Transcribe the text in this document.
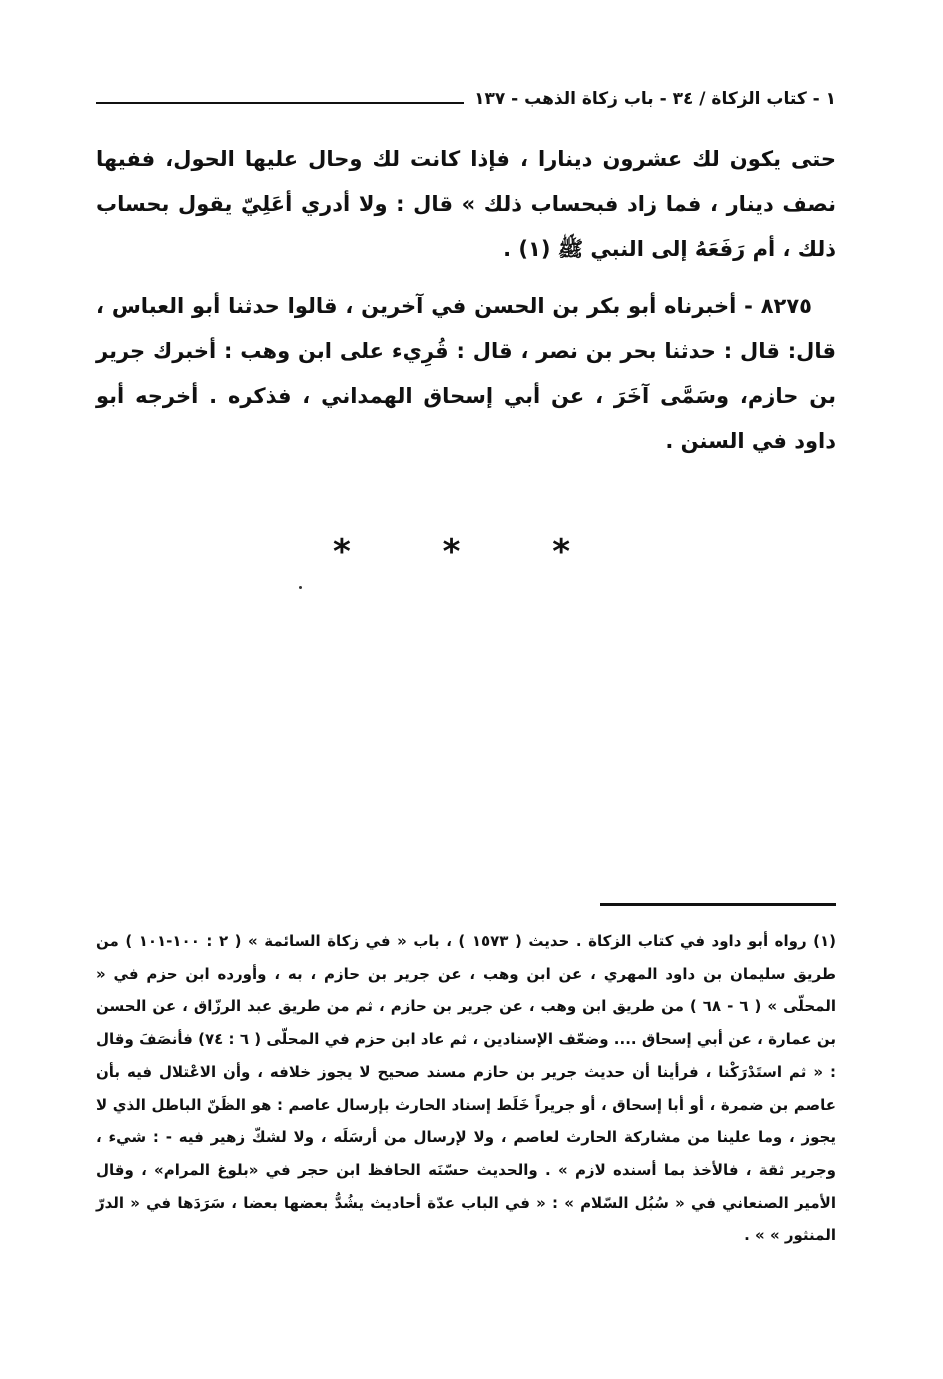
١ - كتاب الزكاة / ٣٤ - باب زكاة الذهب - ١٣٧

حتى يكون لك عشرون دينارا ، فإذا كانت لك وحال عليها الحول، ففيها نصف دينار ، فما زاد فبحساب ذلك » قال : ولا أدري أعَلِيّ يقول بحساب ذلك ، أم رَفَعَهُ إلى النبي ﷺ (١) .

٨٢٧٥ - أخبرناه أبو بكر بن الحسن في آخرين ، قالوا حدثنا أبو العباس ، قال: قال : حدثنا بحر بن نصر ، قال : قُرِيء على ابن وهب : أخبرك جرير بن حازم، وسَمَّى آخَرَ ، عن أبي إسحاق الهمداني ، فذكره . أخرجه أبو داود في السنن .

* * *

(١) رواه أبو داود في كتاب الزكاة . حديث ( ١٥٧٣ ) ، باب « في زكاة السائمة » ( ٢ : ١٠٠-١٠١ ) من طريق سليمان بن داود المهري ، عن ابن وهب ، عن جرير بن حازم ، به ، وأورده ابن حزم في « المحلّى » ( ٦ - ٦٨ ) من طريق ابن وهب ، عن جرير بن حازم ، ثم من طريق عبد الرزّاق ، عن الحسن بن عمارة ، عن أبي إسحاق .... وضعّف الإسنادين ، ثم عاد ابن حزم في المحلّى ( ٦ : ٧٤) فأنصَفَ وقال : « ثم استَدْرَكْنا ، فرأينا أن حديث جرير بن حازم مسند صحيح لا يجوز خلافه ، وأن الاعْتلال فيه بأن عاصم بن ضمرة ، أو أبا إسحاق ، أو جريراً خَلَط إسناد الحارث بإرسال عاصم : هو الظَنّ الباطل الذي لا يجوز ، وما علينا من مشاركة الحارث لعاصم ، ولا لإرسال من أرسَلَه ، ولا لشكّ زهير فيه - : شيء ، وجرير ثقة ، فالأخذ بما أسنده لازم » . والحديث حسّنَه الحافظ ابن حجر في «بلوغ المرام» ، وقال الأمير الصنعاني في « سُبُل السّلام » : « في الباب عدّة أحاديث يشُدُّ بعضها بعضا ، سَرَدَها في « الدرّ المنثور » » .
